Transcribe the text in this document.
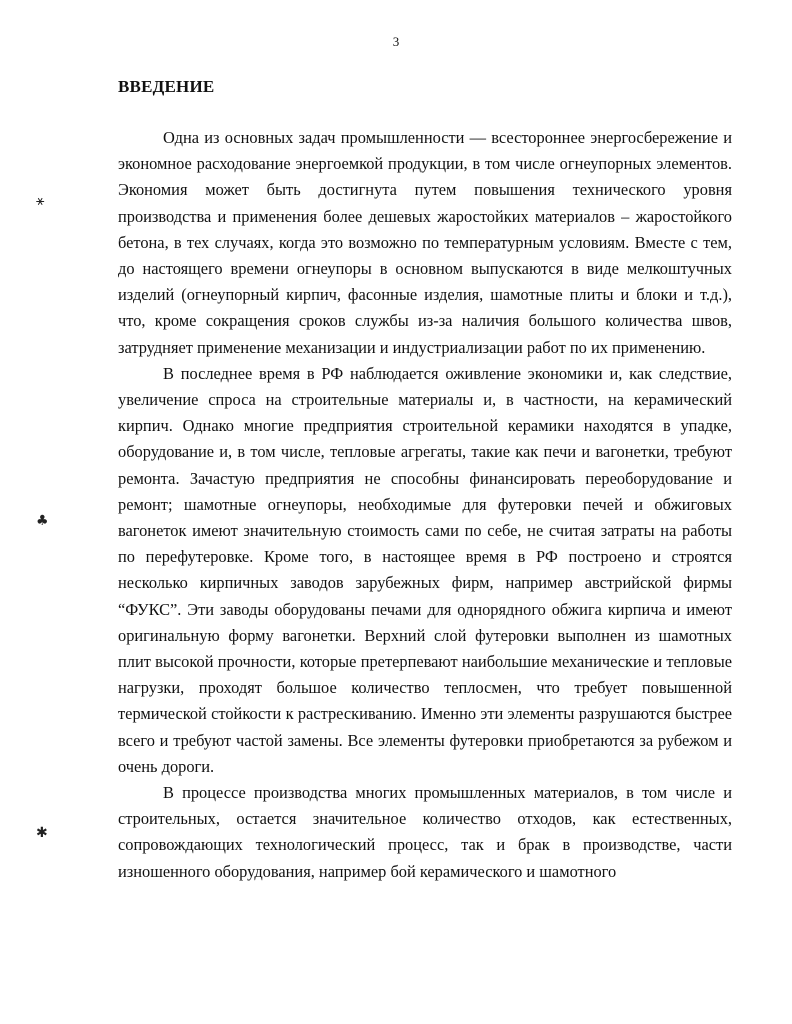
3
ВВЕДЕНИЕ

Одна из основных задач промышленности — всестороннее энергосбережение и экономное расходование энергоемкой продукции, в том числе огнеупорных элементов. Экономия может быть достигнута путем повышения технического уровня производства и применения более дешевых жаростойких материалов – жаростойкого бетона, в тех случаях, когда это возможно по температурным условиям. Вместе с тем, до настоящего времени огнеупоры в основном выпускаются в виде мелкоштучных изделий (огнеупорный кирпич, фасонные изделия, шамотные плиты и блоки и т.д.), что, кроме сокращения сроков службы из-за наличия большого количества швов, затрудняет применение механизации и индустриализации работ по их применению.

В последнее время в РФ наблюдается оживление экономики и, как следствие, увеличение спроса на строительные материалы и, в частности, на керамический кирпич. Однако многие предприятия строительной керамики находятся в упадке, оборудование и, в том числе, тепловые агрегаты, такие как печи и вагонетки, требуют ремонта. Зачастую предприятия не способны финансировать переоборудование и ремонт; шамотные огнеупоры, необходимые для футеровки печей и обжиговых вагонеток имеют значительную стоимость сами по себе, не считая затраты на работы по перефутеровке. Кроме того, в настоящее время в РФ построено и строятся несколько кирпичных заводов зарубежных фирм, например австрийской фирмы “ФУКС”. Эти заводы оборудованы печами для однорядного обжига кирпича и имеют оригинальную форму вагонетки. Верхний слой футеровки выполнен из шамотных плит высокой прочности, которые претерпевают наибольшие механические и тепловые нагрузки, проходят большое количество теплосмен, что требует повышенной термической стойкости к растрескиванию. Именно эти элементы разрушаются быстрее всего и требуют частой замены. Все элементы футеровки приобретаются за рубежом и очень дороги.

В процессе производства многих промышленных материалов, в том числе и строительных, остается значительное количество отходов, как естественных, сопровождающих технологический процесс, так и брак в производстве, части изношенного оборудования, например бой керамического и шамотного

⚹
♣
✱
